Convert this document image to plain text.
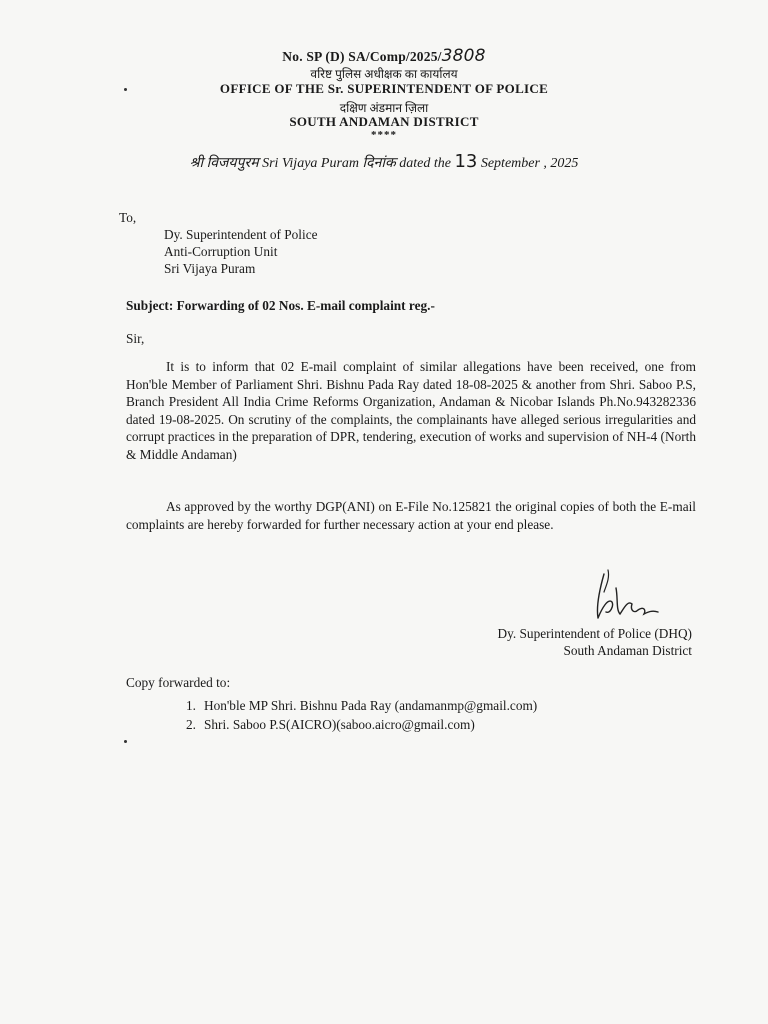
No. SP (D) SA/Comp/2025/3808
वरिष्ट पुलिस अधीक्षक का कार्यालय
OFFICE OF THE Sr. SUPERINTENDENT OF POLICE
दक्षिण अंडमान ज़िला
SOUTH ANDAMAN DISTRICT
****
श्री विजयपुरम Sri Vijaya Puram दिनांक dated the 13 September , 2025
To,
Dy. Superintendent of Police
Anti-Corruption Unit
Sri Vijaya Puram
Subject: Forwarding of 02 Nos. E-mail complaint reg.-
Sir,
It is to inform that 02 E-mail complaint of similar allegations have been received, one from Hon'ble Member of Parliament Shri. Bishnu Pada Ray dated 18-08-2025 & another from Shri. Saboo P.S, Branch President All India Crime Reforms Organization, Andaman & Nicobar Islands Ph.No.943282336 dated 19-08-2025. On scrutiny of the complaints, the complainants have alleged serious irregularities and corrupt practices in the preparation of DPR, tendering, execution of works and supervision of NH-4 (North & Middle Andaman)
As approved by the worthy DGP(ANI) on E-File No.125821 the original copies of both the E-mail complaints are hereby forwarded for further necessary action at your end please.
Dy. Superintendent of Police (DHQ)
South Andaman District
Copy forwarded to:
1. Hon'ble MP Shri. Bishnu Pada Ray (andamanmp@gmail.com)
2. Shri. Saboo P.S(AICRO)(saboo.aicro@gmail.com)
